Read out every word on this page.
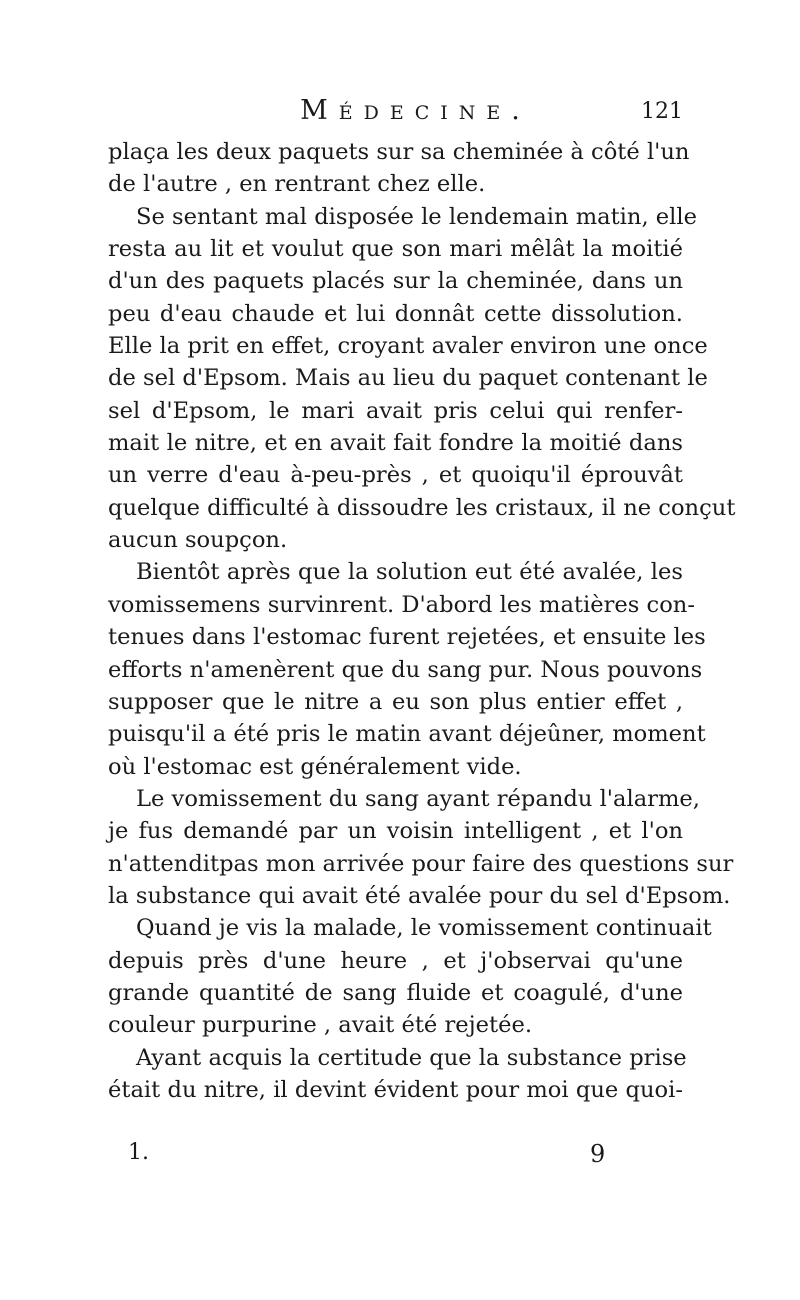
Médecine.	121
plaça les deux paquets sur sa cheminée à côté l'un
de l'autre , en rentrant chez elle.
Se sentant mal disposée le lendemain matin, elle
resta au lit et voulut que son mari mêlât la moitié
d'un des paquets placés sur la cheminée, dans un
peu d'eau chaude et lui donnât cette dissolution.
Elle la prit en effet, croyant avaler environ une once
de sel d'Epsom. Mais au lieu du paquet contenant le
sel d'Epsom, le mari avait pris celui qui renfer-
mait le nitre, et en avait fait fondre la moitié dans
un verre d'eau à-peu-près , et quoiqu'il éprouvât
quelque difficulté à dissoudre les cristaux, il ne conçut
aucun soupçon.
Bientôt après que la solution eut été avalée, les
vomissemens survinrent. D'abord les matières con-
tenues dans l'estomac furent rejetées, et ensuite les
efforts n'amenèrent que du sang pur. Nous pouvons
supposer que le nitre a eu son plus entier effet ,
puisqu'il a été pris le matin avant déjeûner, moment
où l'estomac est généralement vide.
Le vomissement du sang ayant répandu l'alarme,
je fus demandé par un voisin intelligent , et l'on
n'attenditpas mon arrivée pour faire des questions sur
la substance qui avait été avalée pour du sel d'Epsom.
Quand je vis la malade, le vomissement continuait
depuis près d'une heure , et j'observai qu'une
grande quantité de sang fluide et coagulé, d'une
couleur purpurine , avait été rejetée.
Ayant acquis la certitude que la substance prise
était du nitre, il devint évident pour moi que quoi-
1.	9
